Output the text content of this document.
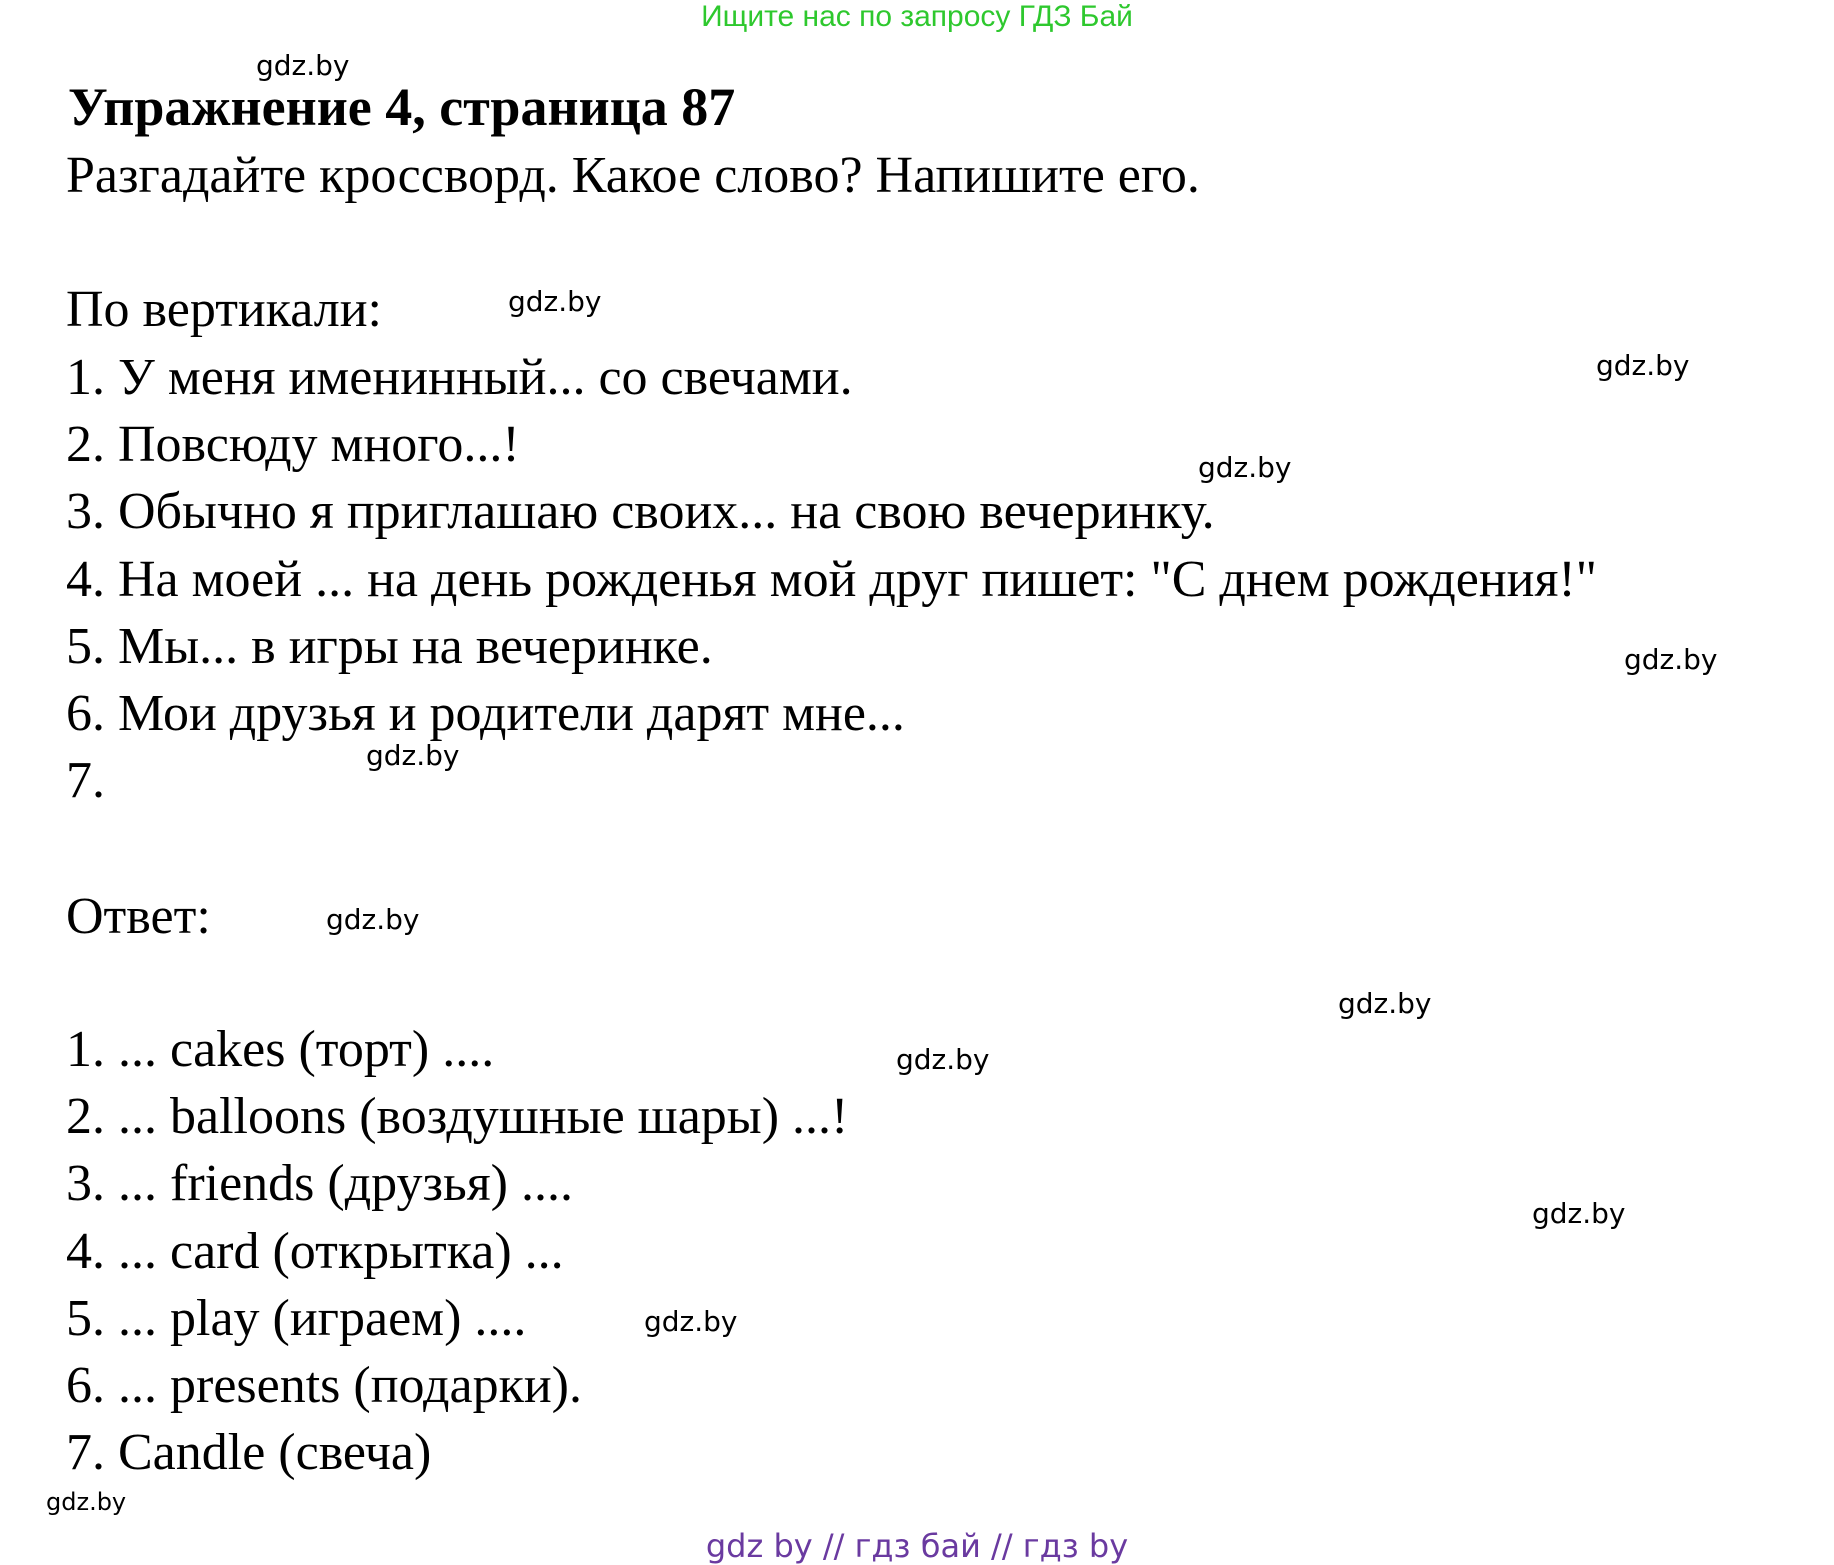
Ищите нас по запросу ГДЗ Бай
gdz.by
Упражнение 4, страница 87
Разгадайте кроссворд. Какое слово? Напишите его.
По вертикали:	gdz.by
1. У меня именинный... со свечами.	gdz.by
2. Повсюду много...!	gdz.by
3. Обычно я приглашаю своих... на свою вечеринку.
4. На моей ... на день рожденья мой друг пишет: "С днем рождения!"
5. Мы... в игры на вечеринке.	gdz.by
6. Мои друзья и родители дарят мне...
gdz.by
7.
Ответ:	gdz.by
gdz.by
1. ... cakes (торт) ....	gdz.by
2. ... balloons (воздушные шары) ...!
3. ... friends (друзья) ....
gdz.by
4. ... card (открытка) ...
5. ... play (играем) ....	gdz.by
6. ... presents (подарки).
7. Candle (свеча)
gdz.by
gdz by // гдз бай // гдз by
